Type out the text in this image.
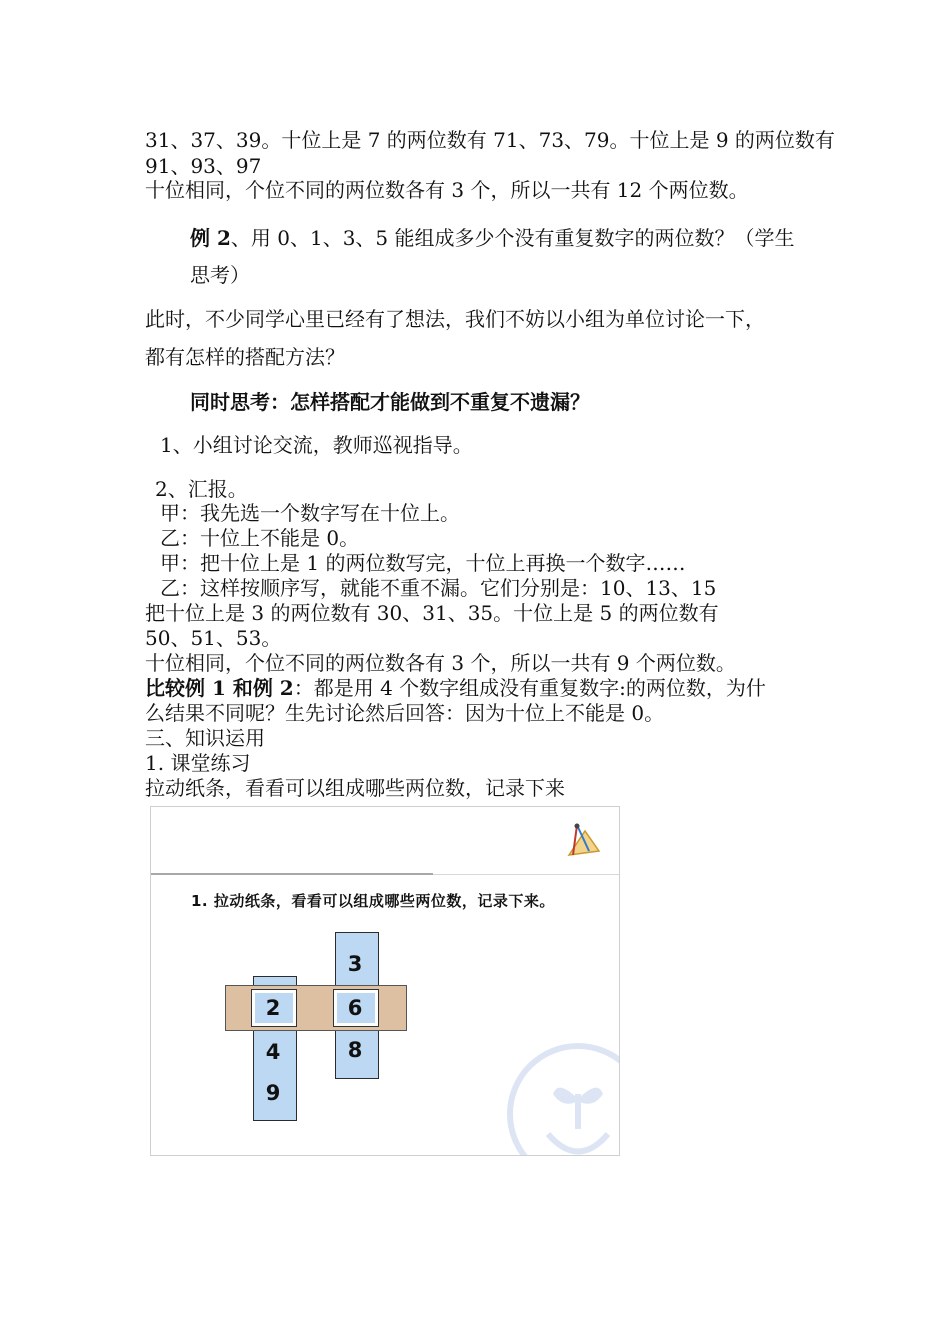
31、37、39。十位上是 7 的两位数有 71、73、79。十位上是 9 的两位数有
91、93、97
十位相同，个位不同的两位数各有 3 个，所以一共有 12 个两位数。
例 2、用 0、1、3、5 能组成多少个没有重复数字的两位数？（学生
思考）
此时，不少同学心里已经有了想法，我们不妨以小组为单位讨论一下，
都有怎样的搭配方法？
同时思考：怎样搭配才能做到不重复不遗漏？
1、小组讨论交流，教师巡视指导。
2、汇报。
甲：我先选一个数字写在十位上。
乙：十位上不能是 0。
甲：把十位上是 1 的两位数写完，十位上再换一个数字……
乙：这样按顺序写，就能不重不漏。它们分别是：10、13、15
把十位上是 3 的两位数有 30、31、35。十位上是 5 的两位数有
50、51、53。
十位相同，个位不同的两位数各有 3 个，所以一共有 9 个两位数。
比较例 1 和例 2：都是用 4 个数字组成没有重复数字:的两位数，为什
么结果不同呢？生先讨论然后回答：因为十位上不能是 0。
三、知识运用
1. 课堂练习
拉动纸条，看看可以组成哪些两位数，记录下来
1. 拉动纸条，看看可以组成哪些两位数，记录下来。
2
4
9
3
6
8
